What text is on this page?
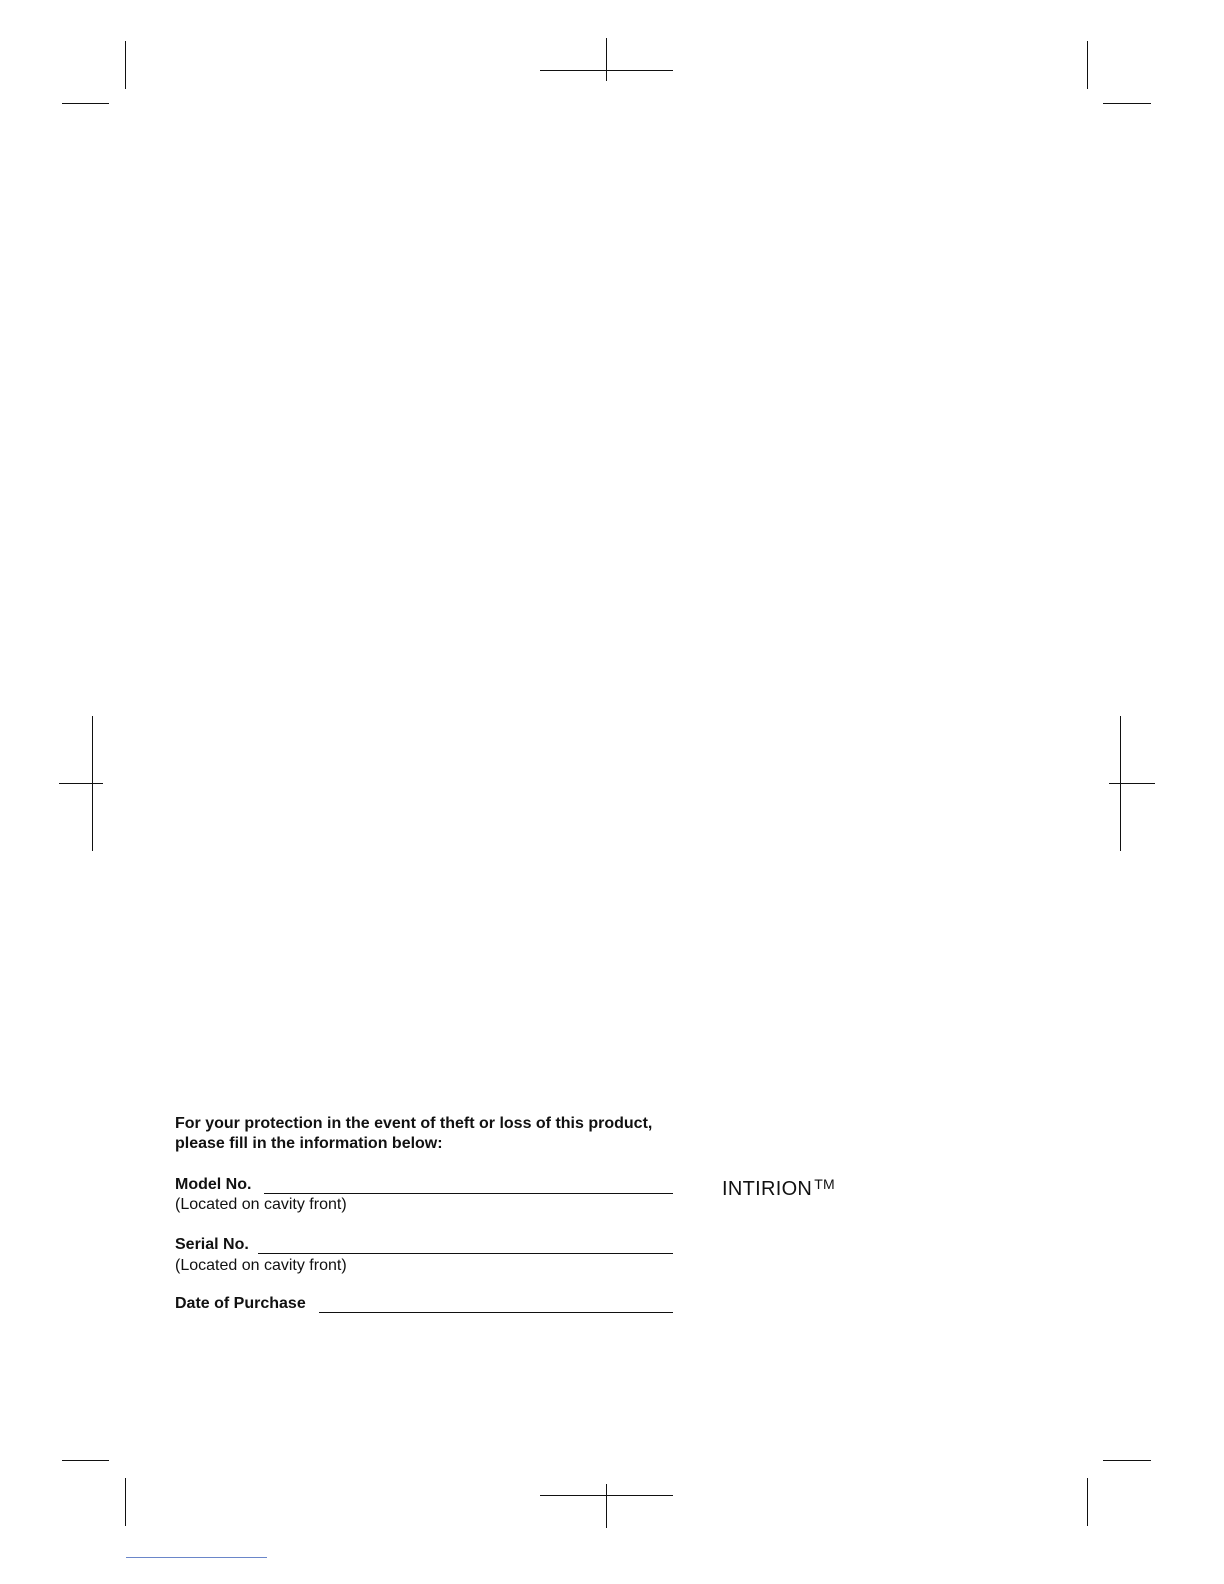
For your protection in the event of theft or loss of this product,
please fill in the information below:
Model No.
(Located on cavity front)
Serial No.
(Located on cavity front)
Date of Purchase
INTIRION ™
